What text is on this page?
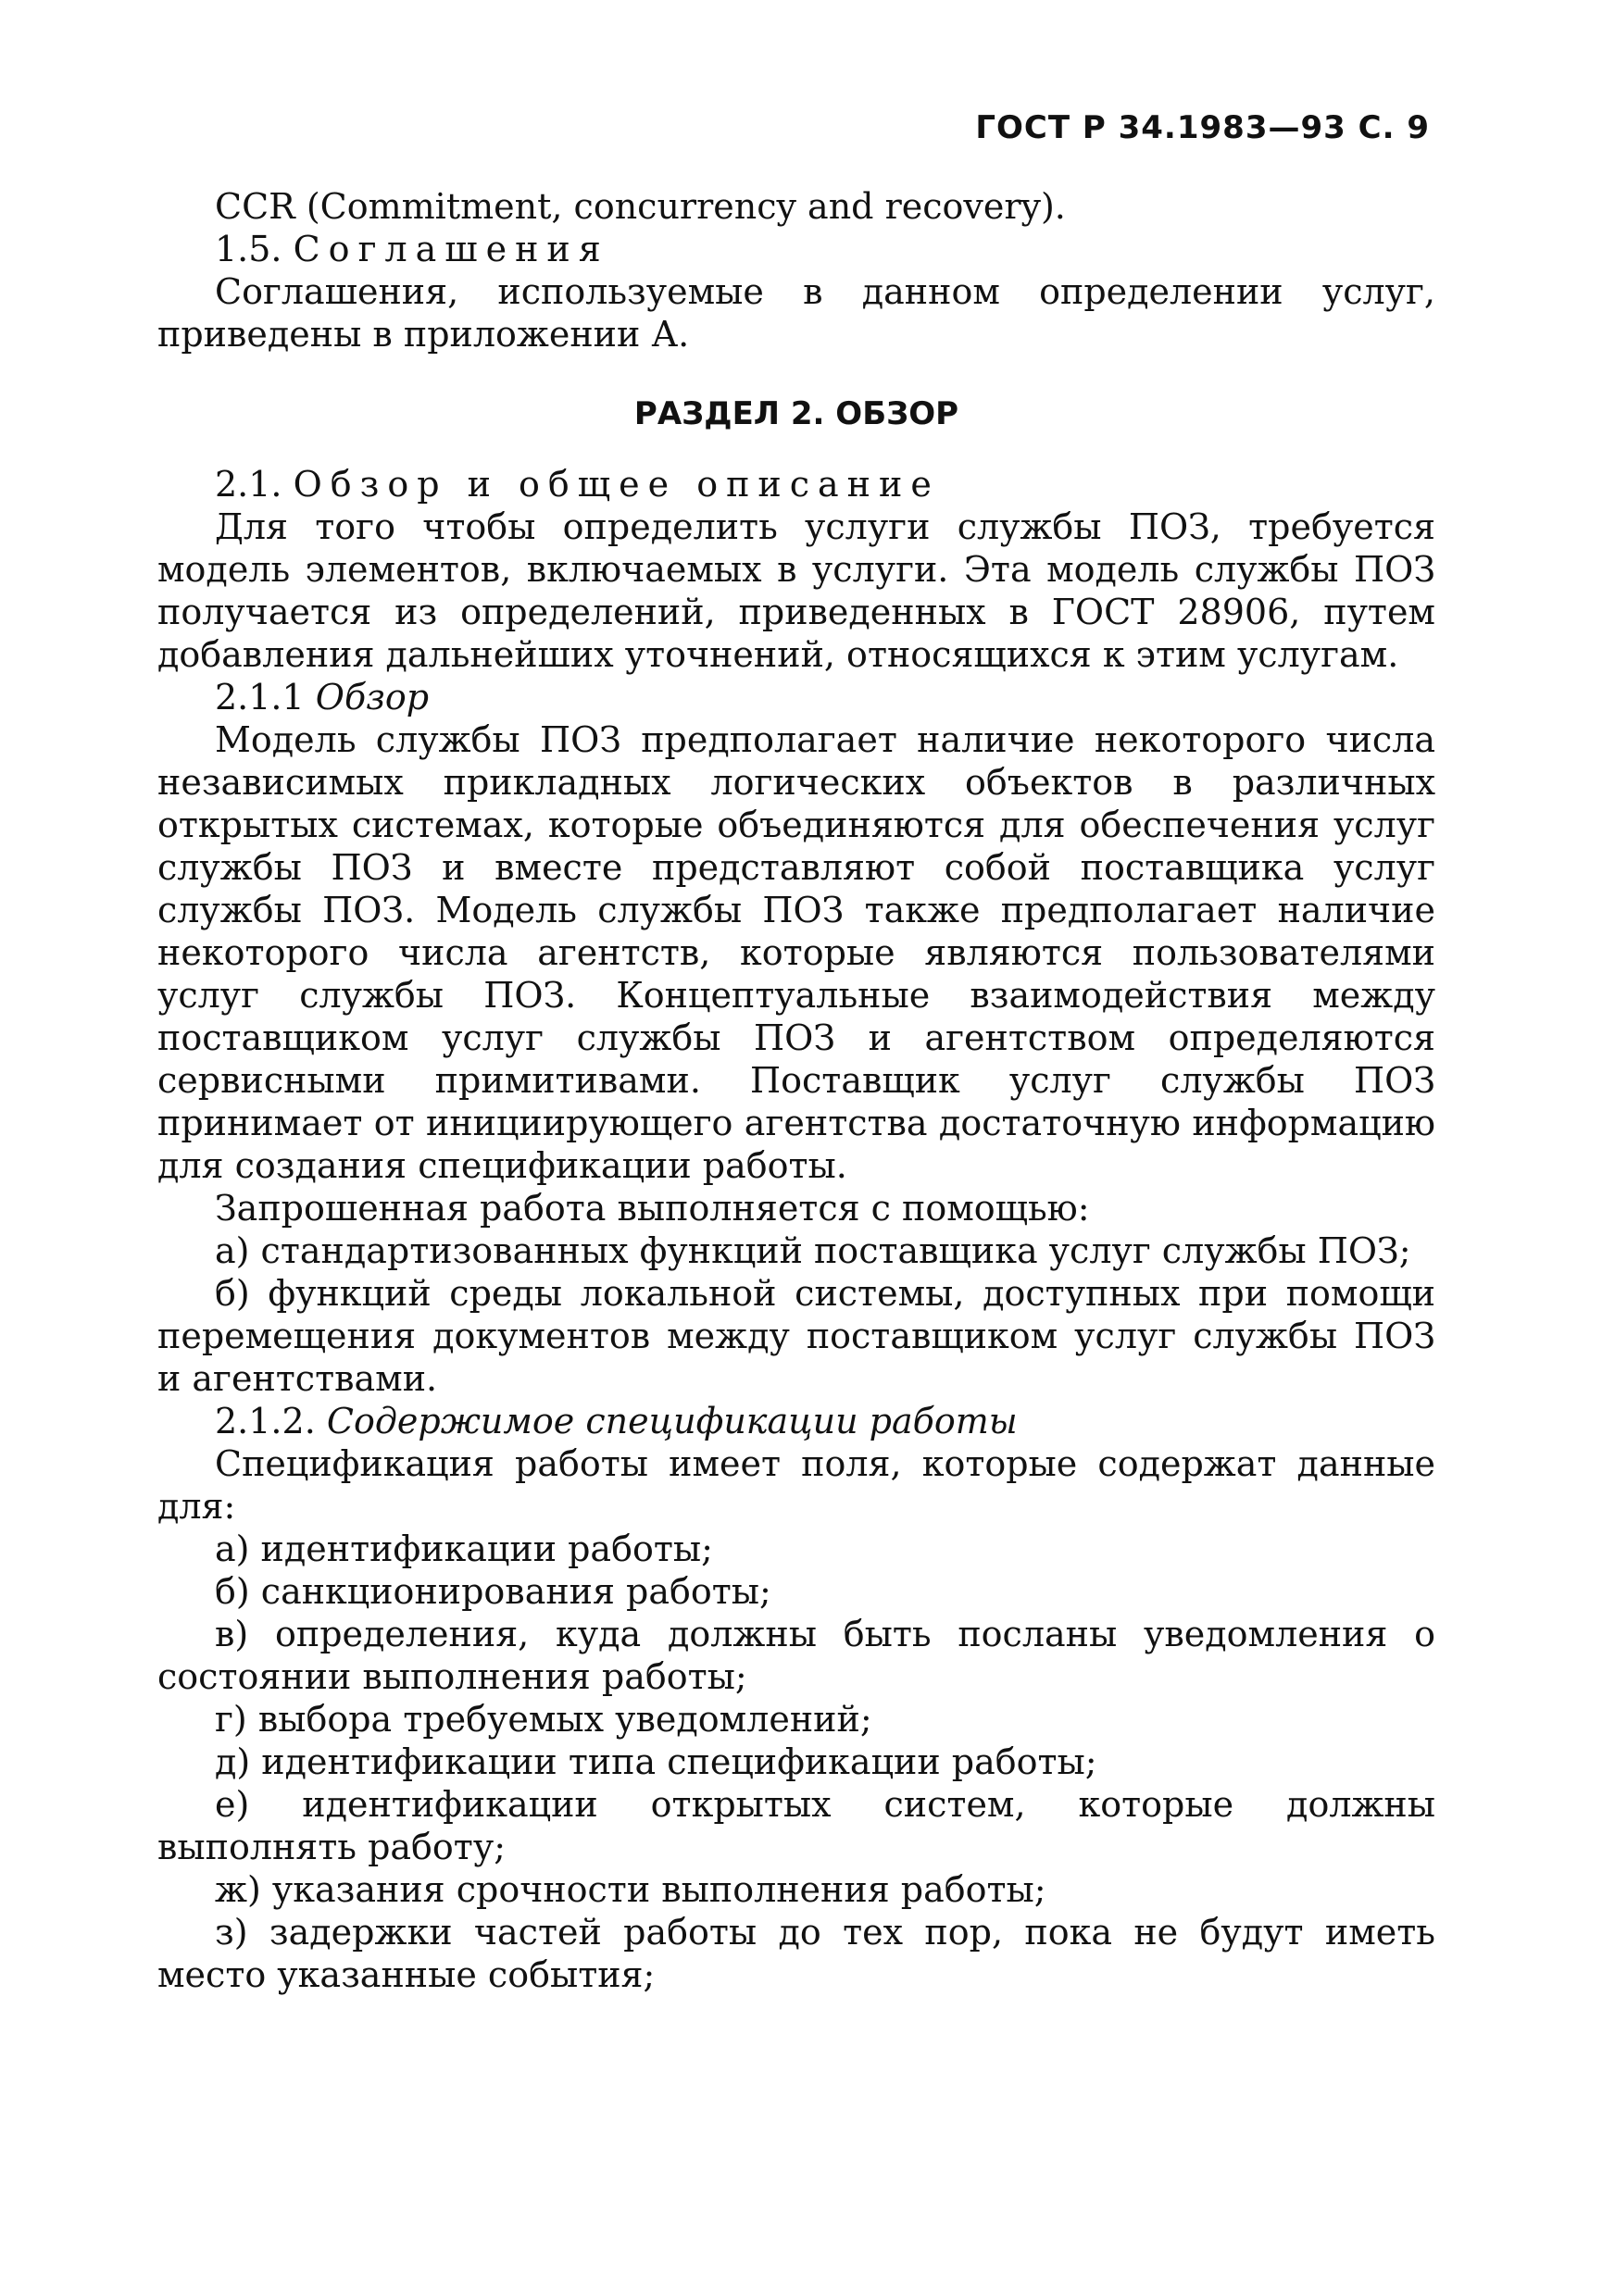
ГОСТ Р 34.1983—93 С. 9

CCR (Commitment, concurrency and recovery).

1.5. Соглашения

Соглашения, используемые в данном определении услуг, приведены в приложении А.

РАЗДЕЛ 2. ОБЗОР

2.1. Обзор и общее описание

Для того чтобы определить услуги службы ПОЗ, требуется модель элементов, включаемых в услуги. Эта модель службы ПОЗ получается из определений, приведенных в ГОСТ 28906, путем добавления дальнейших уточнений, относящихся к этим услугам.

2.1.1 Обзор

Модель службы ПОЗ предполагает наличие некоторого числа независимых прикладных логических объектов в различных открытых системах, которые объединяются для обеспечения услуг службы ПОЗ и вместе представляют собой поставщика услуг службы ПОЗ. Модель службы ПОЗ также предполагает наличие некоторого числа агентств, которые являются пользователями услуг службы ПОЗ. Концептуальные взаимодействия между поставщиком услуг службы ПОЗ и агентством определяются сервисными примитивами. Поставщик услуг службы ПОЗ принимает от инициирующего агентства достаточную информацию для создания спецификации работы.

Запрошенная работа выполняется с помощью:

а) стандартизованных функций поставщика услуг службы ПОЗ;

б) функций среды локальной системы, доступных при помощи перемещения документов между поставщиком услуг службы ПОЗ и агентствами.

2.1.2. Содержимое спецификации работы

Спецификация работы имеет поля, которые содержат данные для:

а) идентификации работы;

б) санкционирования работы;

в) определения, куда должны быть посланы уведомления о состоянии выполнения работы;

г) выбора требуемых уведомлений;

д) идентификации типа спецификации работы;

е) идентификации открытых систем, которые должны выполнять работу;

ж) указания срочности выполнения работы;

з) задержки частей работы до тех пор, пока не будут иметь место указанные события;
